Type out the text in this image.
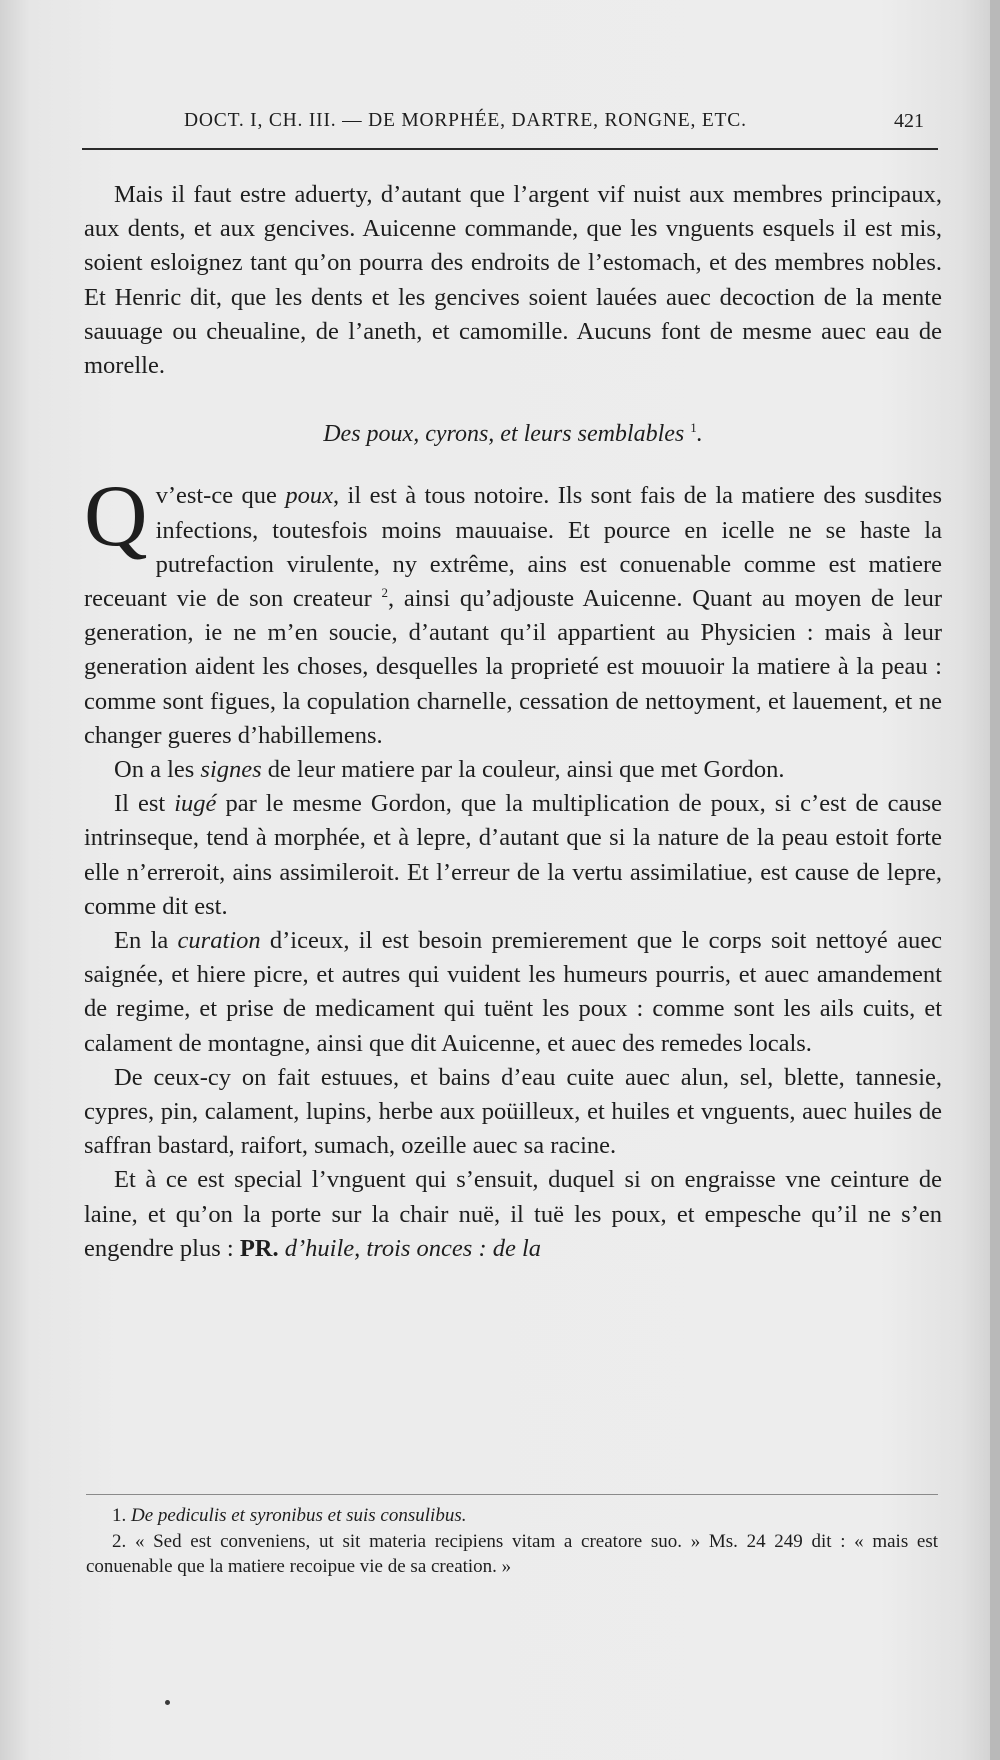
DOCT. I, CH. III. — DE MORPHÉE, DARTRE, RONGNE, ETC.	421

Mais il faut estre aduerty, d’autant que l’argent vif nuist aux membres principaux, aux dents, et aux gencives. Auicenne commande, que les vnguents esquels il est mis, soient esloignez tant qu’on pourra des endroits de l’estomach, et des membres nobles. Et Henric dit, que les dents et les gencives soient lauées auec decoction de la mente sauuage ou cheualine, de l’aneth, et camomille. Aucuns font de mesme auec eau de morelle.

Des poux, cyrons, et leurs semblables $^1$.

Qv’est-ce que poux, il est à tous notoire. Ils sont fais de la matiere des susdites infections, toutesfois moins mauuaise. Et pource en icelle ne se haste la putrefaction virulente, ny extrême, ains est conuenable comme est matiere receuant vie de son createur $^2$, ainsi qu’adjouste Auicenne. Quant au moyen de leur generation, ie ne m’en soucie, d’autant qu’il appartient au Physicien : mais à leur generation aident les choses, desquelles la proprieté est mouuoir la matiere à la peau : comme sont figues, la copulation charnelle, cessation de nettoyment, et lauement, et ne changer gueres d’habillemens.

On a les signes de leur matiere par la couleur, ainsi que met Gordon.

Il est iugé par le mesme Gordon, que la multiplication de poux, si c’est de cause intrinseque, tend à morphée, et à lepre, d’autant que si la nature de la peau estoit forte elle n’erreroit, ains assimileroit. Et l’erreur de la vertu assimilatiue, est cause de lepre, comme dit est.

En la curation d’iceux, il est besoin premierement que le corps soit nettoyé auec saignée, et hiere picre, et autres qui vuident les humeurs pourris, et auec amandement de regime, et prise de medicament qui tuënt les poux : comme sont les ails cuits, et calament de montagne, ainsi que dit Auicenne, et auec des remedes locals.

De ceux-cy on fait estuues, et bains d’eau cuite auec alun, sel, blette, tannesie, cypres, pin, calament, lupins, herbe aux poüilleux, et huiles et vnguents, auec huiles de saffran bastard, raifort, sumach, ozeille auec sa racine.

Et à ce est special l’vnguent qui s’ensuit, duquel si on engraisse vne ceinture de laine, et qu’on la porte sur la chair nuë, il tuë les poux, et empesche qu’il ne s’en engendre plus : PR. d’huile, trois onces : de la

1. De pediculis et syronibus et suis consulibus.

2. « Sed est conveniens, ut sit materia recipiens vitam a creatore suo. » Ms. 24 249 dit : « mais est conuenable que la matiere recoipue vie de sa creation. »
